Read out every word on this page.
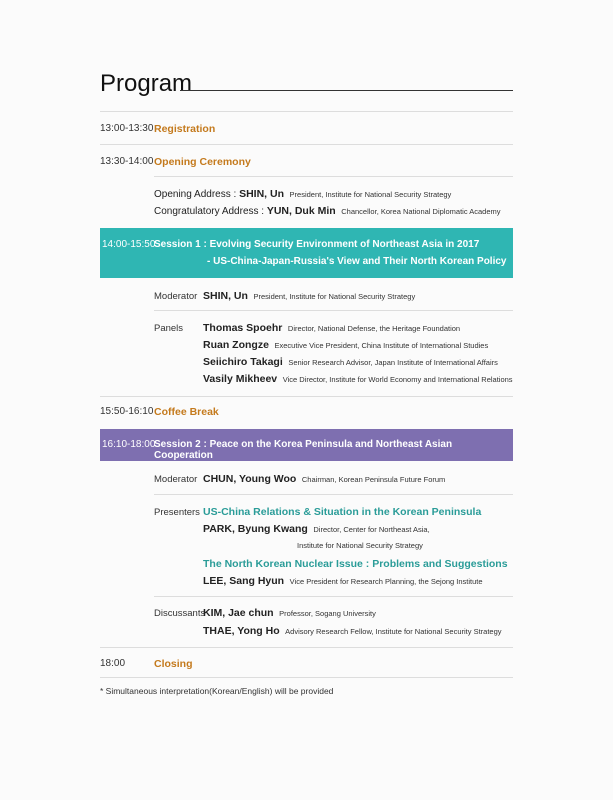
Program
13:00-13:30 Registration
13:30-14:00 Opening Ceremony
Opening Address : SHIN, Un President, Institute for National Security Strategy
Congratulatory Address : YUN, Duk Min Chancellor, Korea National Diplomatic Academy
14:00-15:50
Session 1 : Evolving Security Environment of Northeast Asia in 2017
- US-China-Japan-Russia's View and Their North Korean Policy
Moderator SHIN, Un President, Institute for National Security Strategy
Panels Thomas Spoehr Director, National Defense, the Heritage Foundation
Ruan Zongze Executive Vice President, China Institute of International Studies
Seiichiro Takagi Senior Research Advisor, Japan Institute of International Affairs
Vasily Mikheev Vice Director, Institute for World Economy and International Relations
15:50-16:10 Coffee Break
16:10-18:00
Session 2 : Peace on the Korea Peninsula and Northeast Asian Cooperation
Moderator CHUN, Young Woo Chairman, Korean Peninsula Future Forum
Presenters US-China Relations & Situation in the Korean Peninsula
PARK, Byung Kwang Director, Center for Northeast Asia,
Institute for National Security Strategy
The North Korean Nuclear Issue : Problems and Suggestions
LEE, Sang Hyun Vice President for Research Planning, the Sejong Institute
Discussants
KIM, Jae chun Professor, Sogang University
THAE, Yong Ho Advisory Research Fellow, Institute for National Security Strategy
18:00	Closing
* Simultaneous interpretation(Korean/English) will be provided
